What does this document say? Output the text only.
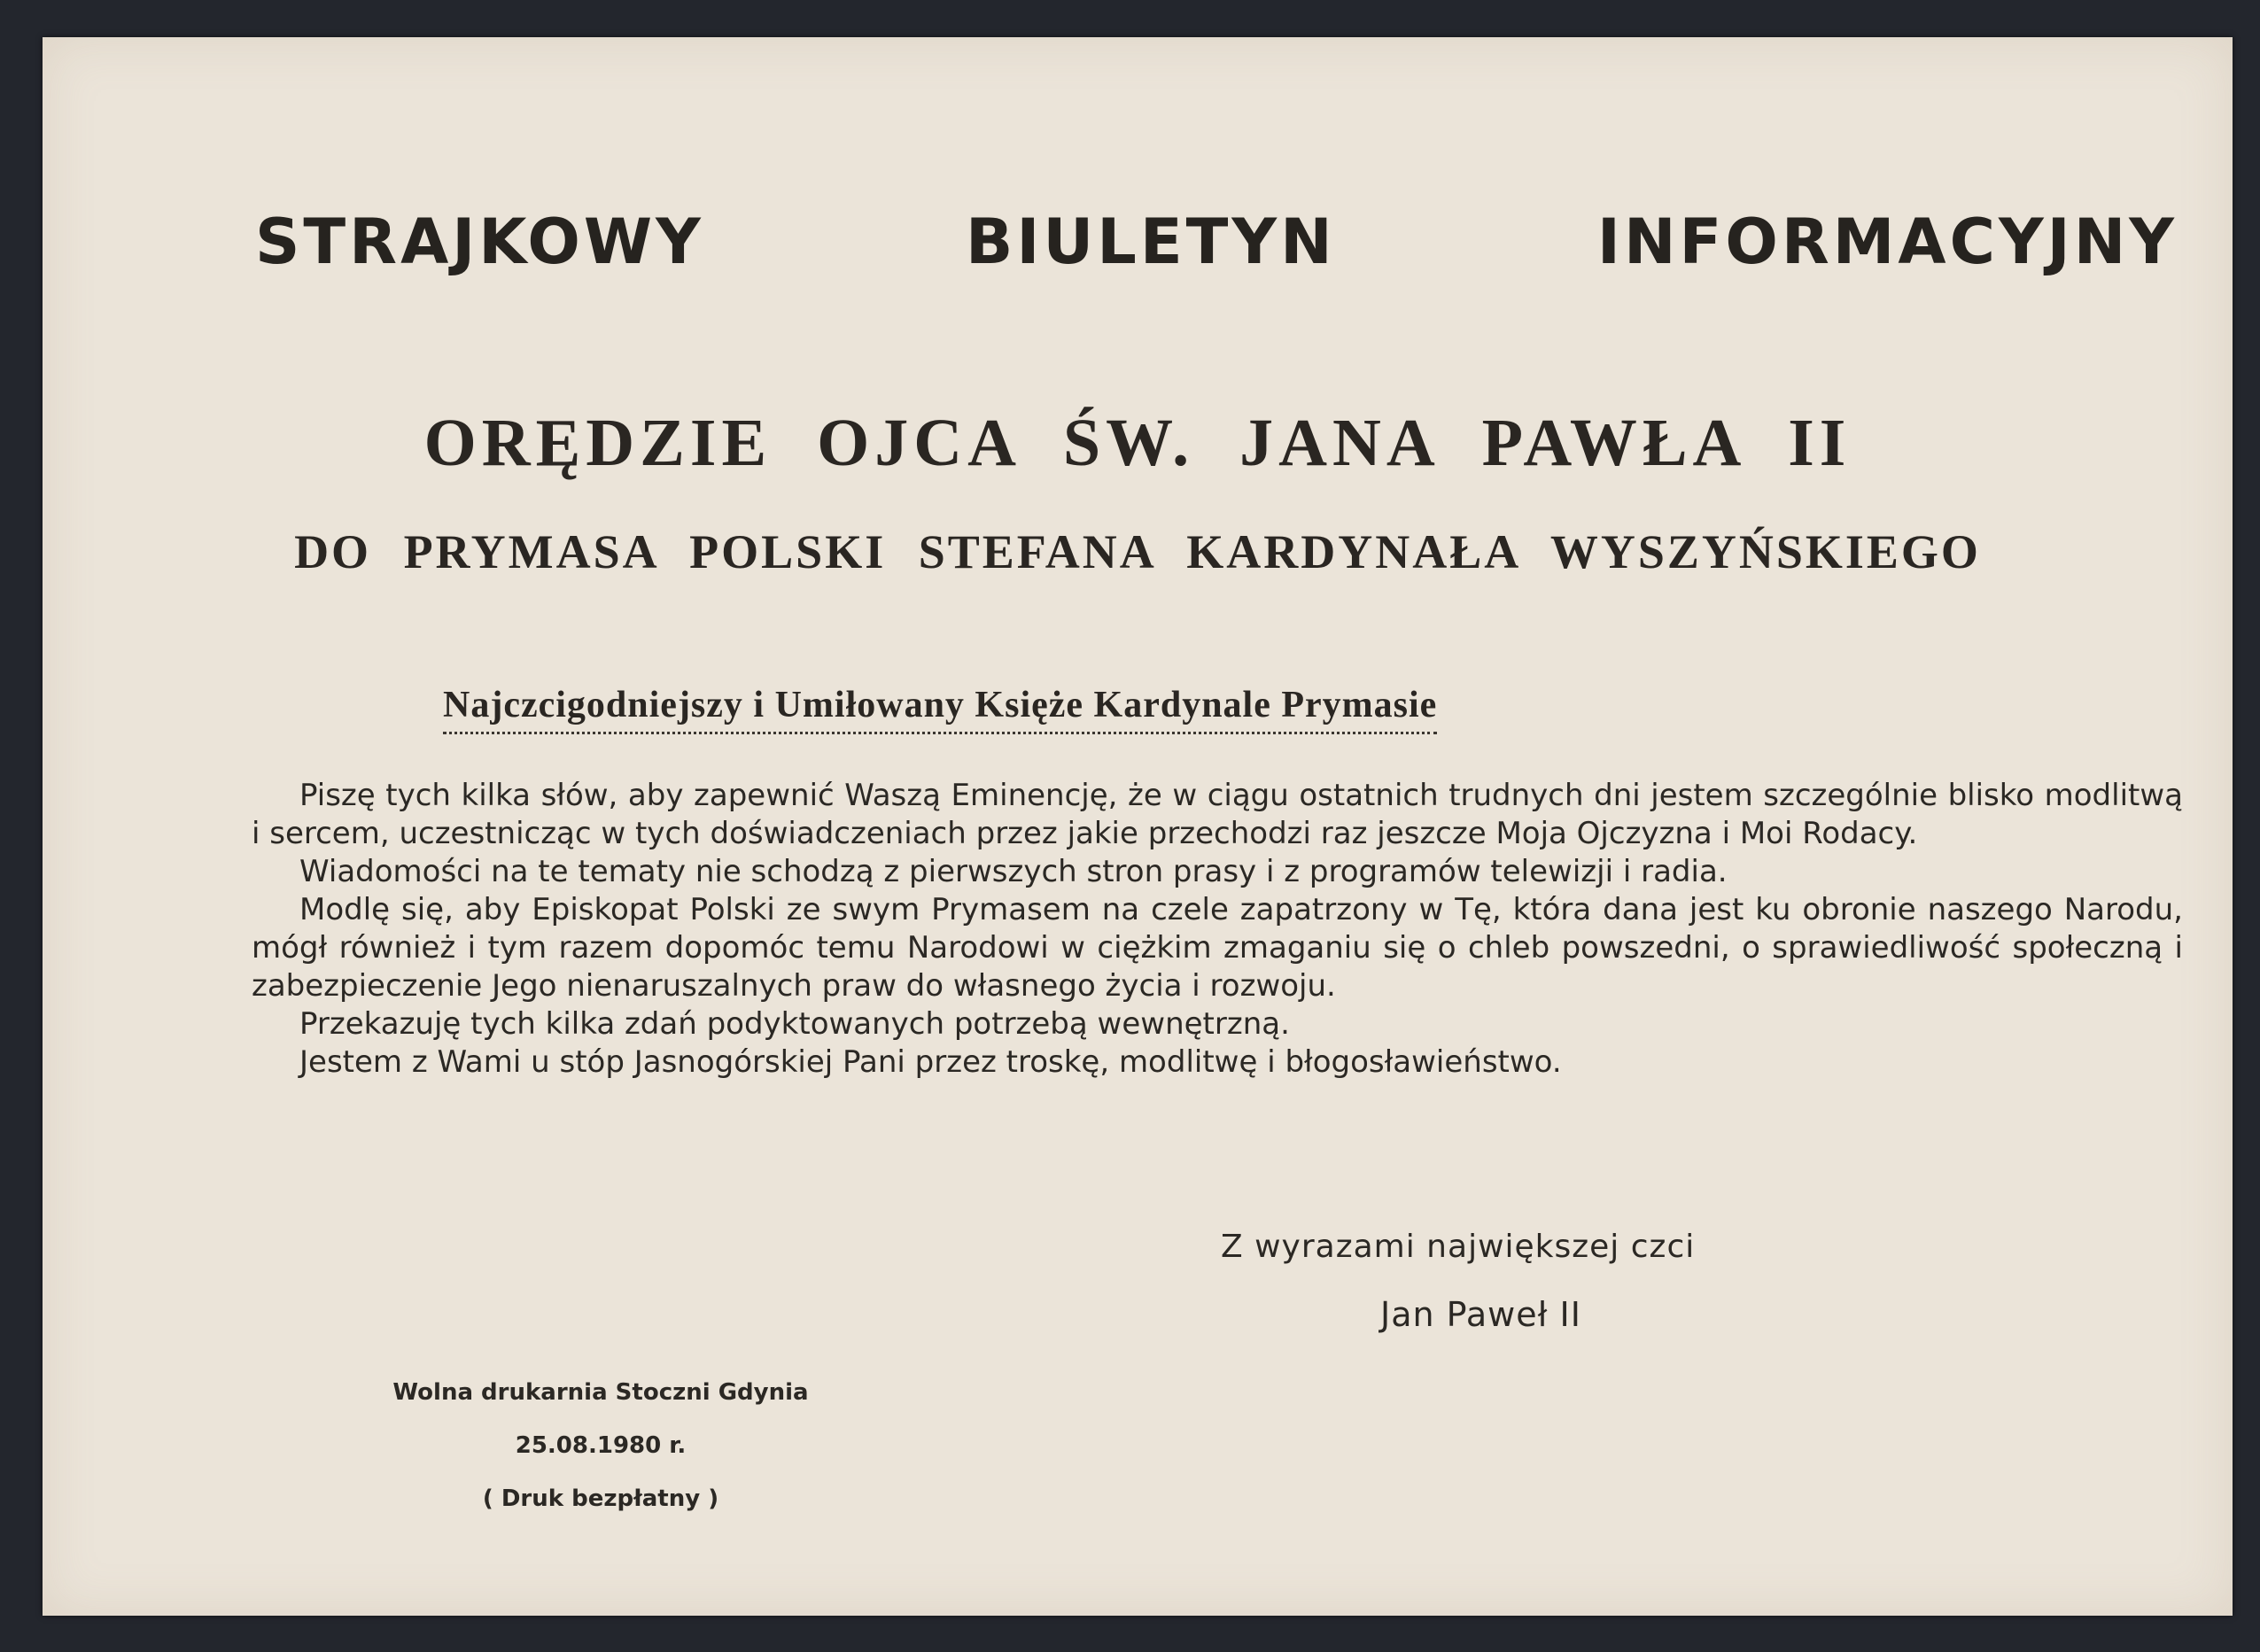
STRAJKOWY	BIULETYN	INFORMACYJNY
ORĘDZIE OJCA ŚW. JANA PAWŁA II
DO PRYMASA POLSKI STEFANA KARDYNAŁA WYSZYŃSKIEGO
Najczcigodniejszy i Umiłowany Księże Kardynale Prymasie

Piszę tych kilka słów, aby zapewnić Waszą Eminencję, że w ciągu ostatnich trudnych dni jestem szczególnie blisko modlitwą i sercem, uczestnicząc w tych doświadczeniach przez jakie przechodzi raz jeszcze Moja Ojczyzna i Moi Rodacy.

Wiadomości na te tematy nie schodzą z pierwszych stron prasy i z programów telewizji i radia.

Modlę się, aby Episkopat Polski ze swym Prymasem na czele zapatrzony w Tę, która dana jest ku obronie naszego Narodu, mógł również i tym razem dopomóc temu Narodowi w ciężkim zmaganiu się o chleb powszedni, o sprawiedliwość społeczną i zabezpieczenie Jego nienaruszalnych praw do własnego życia i rozwoju.

Przekazuję tych kilka zdań podyktowanych potrzebą wewnętrzną.

Jestem z Wami u stóp Jasnogórskiej Pani przez troskę, modlitwę i błogosławieństwo.

Z wyrazami największej czci
Jan Paweł II
Wolna drukarnia Stoczni Gdynia
25.08.1980 r.
( Druk bezpłatny )
